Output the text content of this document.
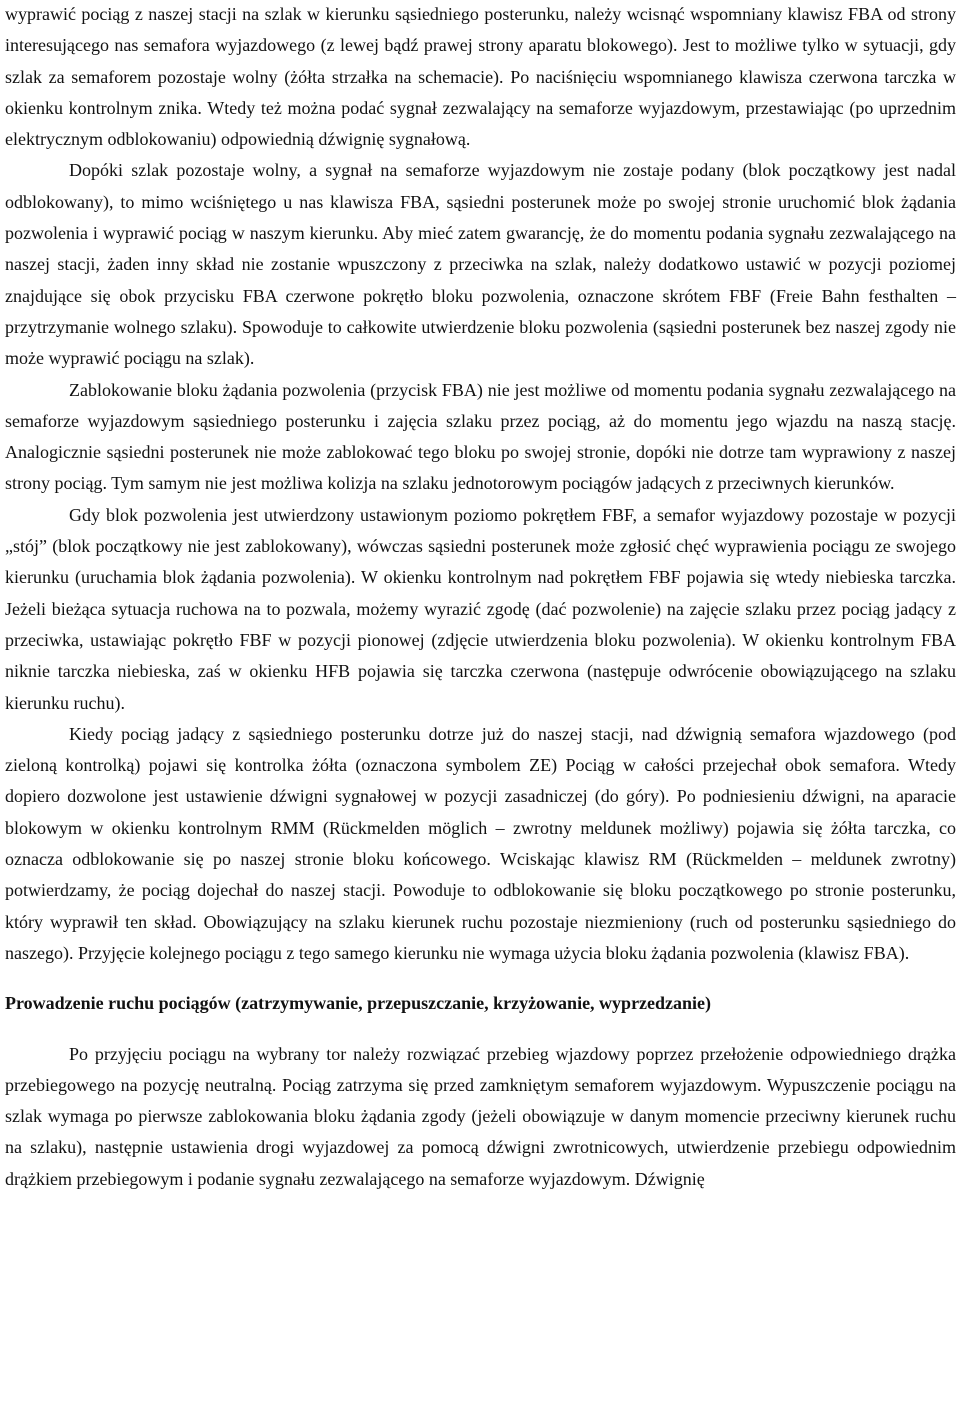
wyprawić pociąg z naszej stacji na szlak w kierunku sąsiedniego posterunku, należy wcisnąć wspomniany klawisz FBA od strony interesującego nas semafora wyjazdowego (z lewej bądź prawej strony aparatu blokowego). Jest to możliwe tylko w sytuacji, gdy szlak za semaforem pozostaje wolny (żółta strzałka na schemacie). Po naciśnięciu wspomnianego klawisza czerwona tarczka w okienku kontrolnym znika. Wtedy też można podać sygnał zezwalający na semaforze wyjazdowym, przestawiając (po uprzednim elektrycznym odblokowaniu) odpowiednią dźwignię sygnałową.

Dopóki szlak pozostaje wolny, a sygnał na semaforze wyjazdowym nie zostaje podany (blok początkowy jest nadal odblokowany), to mimo wciśniętego u nas klawisza FBA, sąsiedni posterunek może po swojej stronie uruchomić blok żądania pozwolenia i wyprawić pociąg w naszym kierunku. Aby mieć zatem gwarancję, że do momentu podania sygnału zezwalającego na naszej stacji, żaden inny skład nie zostanie wpuszczony z przeciwka na szlak, należy dodatkowo ustawić w pozycji poziomej znajdujące się obok przycisku FBA czerwone pokrętło bloku pozwolenia, oznaczone skrótem FBF (Freie Bahn festhalten – przytrzymanie wolnego szlaku). Spowoduje to całkowite utwierdzenie bloku pozwolenia (sąsiedni posterunek bez naszej zgody nie może wyprawić pociągu na szlak).

Zablokowanie bloku żądania pozwolenia (przycisk FBA) nie jest możliwe od momentu podania sygnału zezwalającego na semaforze wyjazdowym sąsiedniego posterunku i zajęcia szlaku przez pociąg, aż do momentu jego wjazdu na naszą stację. Analogicznie sąsiedni posterunek nie może zablokować tego bloku po swojej stronie, dopóki nie dotrze tam wyprawiony z naszej strony pociąg. Tym samym nie jest możliwa kolizja na szlaku jednotorowym pociągów jadących z przeciwnych kierunków.

Gdy blok pozwolenia jest utwierdzony ustawionym poziomo pokrętłem FBF, a semafor wyjazdowy pozostaje w pozycji „stój” (blok początkowy nie jest zablokowany), wówczas sąsiedni posterunek może zgłosić chęć wyprawienia pociągu ze swojego kierunku (uruchamia blok żądania pozwolenia). W okienku kontrolnym nad pokrętłem FBF pojawia się wtedy niebieska tarczka. Jeżeli bieżąca sytuacja ruchowa na to pozwala, możemy wyrazić zgodę (dać pozwolenie) na zajęcie szlaku przez pociąg jadący z przeciwka, ustawiając pokrętło FBF w pozycji pionowej (zdjęcie utwierdzenia bloku pozwolenia). W okienku kontrolnym FBA niknie tarczka niebieska, zaś w okienku HFB pojawia się tarczka czerwona (następuje odwrócenie obowiązującego na szlaku kierunku ruchu).

Kiedy pociąg jadący z sąsiedniego posterunku dotrze już do naszej stacji, nad dźwignią semafora wjazdowego (pod zieloną kontrolką) pojawi się kontrolka żółta (oznaczona symbolem ZE) Pociąg w całości przejechał obok semafora. Wtedy dopiero dozwolone jest ustawienie dźwigni sygnałowej w pozycji zasadniczej (do góry). Po podniesieniu dźwigni, na aparacie blokowym w okienku kontrolnym RMM (Rückmelden möglich – zwrotny meldunek możliwy) pojawia się żółta tarczka, co oznacza odblokowanie się po naszej stronie bloku końcowego. Wciskając klawisz RM (Rückmelden – meldunek zwrotny) potwierdzamy, że pociąg dojechał do naszej stacji. Powoduje to odblokowanie się bloku początkowego po stronie posterunku, który wyprawił ten skład. Obowiązujący na szlaku kierunek ruchu pozostaje niezmieniony (ruch od posterunku sąsiedniego do naszego). Przyjęcie kolejnego pociągu z tego samego kierunku nie wymaga użycia bloku żądania pozwolenia (klawisz FBA).

Prowadzenie ruchu pociągów (zatrzymywanie, przepuszczanie, krzyżowanie, wyprzedzanie)

Po przyjęciu pociągu na wybrany tor należy rozwiązać przebieg wjazdowy poprzez przełożenie odpowiedniego drążka przebiegowego na pozycję neutralną. Pociąg zatrzyma się przed zamkniętym semaforem wyjazdowym. Wypuszczenie pociągu na szlak wymaga po pierwsze zablokowania bloku żądania zgody (jeżeli obowiązuje w danym momencie przeciwny kierunek ruchu na szlaku), następnie ustawienia drogi wyjazdowej za pomocą dźwigni zwrotnicowych, utwierdzenie przebiegu odpowiednim drążkiem przebiegowym i podanie sygnału zezwalającego na semaforze wyjazdowym. Dźwignię
